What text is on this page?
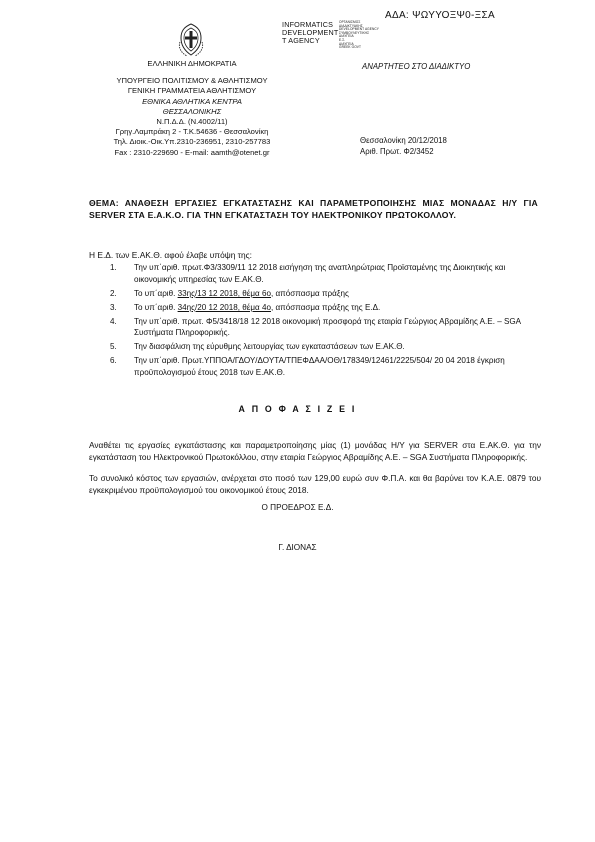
ΑΔΑ: ΨΩΥΥΟΞΨ0-ΞΣΑ
INFORMATICS
DEVELOPMENT
T AGENCY
ΟΡΓΑΝΙΣΜΟΣ
ΔΙΑΔΙΚΤΥΑΚΗΣ
DEVELOPMENT AGENCY
ΣΥΜΒΟΥΛΕΥΤΙΚΗΣ
ΔΙΑΥΓΕΙΑ
Ε.Σ.
ΔΙΑΥΓΕΙΑ
GREEK GOVT
ΕΛΛΗΝΙΚΗ ΔΗΜΟΚΡΑΤΙΑ
ΥΠΟΥΡΓΕΙΟ ΠΟΛΙΤΙΣΜΟΥ & ΑΘΛΗΤΙΣΜΟΥ
ΓΕΝΙΚΗ ΓΡΑΜΜΑΤΕΙΑ ΑΘΛΗΤΙΣΜΟΥ
ΕΘΝΙΚΑ ΑΘΛΗΤΙΚΑ ΚΕΝΤΡΑ
ΘΕΣΣΑΛΟΝΙΚΗΣ
Ν.Π.Δ.Δ. (Ν.4002/11)
Γρηγ.Λαμπράκη 2 - Τ.Κ.54636 - Θεσσαλονίκη
Τηλ. Διοικ.-Οικ.Υπ.2310-236951, 2310-257783
Fax : 2310-229690 - E-mail: aamth@otenet.gr
ΑΝΑΡΤΗΤΕΟ ΣΤΟ ΔΙΑΔΙΚΤΥΟ
Θεσσαλονίκη 20/12/2018
Αριθ. Πρωτ. Φ2/3452
ΘΕΜΑ: ΑΝΑΘΕΣΗ ΕΡΓΑΣΙΕΣ ΕΓΚΑΤΑΣΤΑΣΗΣ ΚΑΙ ΠΑΡΑΜΕΤΡΟΠΟΙΗΣΗΣ ΜΙΑΣ ΜΟΝΑΔΑΣ Η/Υ ΓΙΑ SERVER ΣΤΑ Ε.Α.Κ.Ο. ΓΙΑ ΤΗΝ ΕΓΚΑΤΑΣΤΑΣΗ ΤΟΥ ΗΛΕΚΤΡΟΝΙΚΟΥ ΠΡΩΤΟΚΟΛΛΟΥ.
Η Ε.Δ. των Ε.ΑΚ.Θ. αφού έλαβε υπόψη της:
1. Την υπ΄αριθ. πρωτ.Φ3/3309/11 12 2018 εισήγηση της αναπληρώτριας Προϊσταμένης της Διοικητικής και οικονομικής υπηρεσίας των Ε.ΑΚ.Θ.
2. Το υπ΄αριθ. 33ης/13 12 2018, θέμα 6ο, απόσπασμα πράξης
3. Το υπ΄αριθ. 34ης/20 12 2018, θέμα 4ο, απόσπασμα πράξης της Ε.Δ.
4. Την υπ΄αριθ. πρωτ. Φ5/3418/18 12 2018 οικονομική προσφορά της εταιρία Γεώργιος Αβραμίδης Α.Ε. – SGA Συστήματα Πληροφορικής.
5. Την διασφάλιση της εύρυθμης λειτουργίας των εγκαταστάσεων των Ε.ΑΚ.Θ.
6. Την υπ΄αριθ. Πρωτ.ΥΠΠΟΑ/ΓΔΟΥ/ΔΟΥΤΑ/ΤΠΕΦΔΑΑ/ΟΘ/178349/12461/2225/504/ 20 04 2018 έγκριση προϋπολογισμού έτους 2018 των Ε.ΑΚ.Θ.
Α Π Ο Φ Α Σ Ι Ζ Ε Ι
Αναθέτει τις εργασίες εγκατάστασης και παραμετροποίησης μίας (1) μονάδας Η/Υ για SERVER στα Ε.ΑΚ.Θ. για την εγκατάσταση του Ηλεκτρονικού Πρωτοκόλλου, στην εταιρία Γεώργιος Αβραμίδης Α.Ε. – SGA Συστήματα Πληροφορικής.
Το συνολικό κόστος των εργασιών, ανέρχεται στο ποσό των 129,00 ευρώ συν Φ.Π.Α. και θα βαρύνει τον Κ.Α.Ε. 0879 του εγκεκριμένου προϋπολογισμού του οικονομικού έτους 2018.
Ο ΠΡΟΕΔΡΟΣ Ε.Δ.
Γ. ΔΙΟΝΑΣ
